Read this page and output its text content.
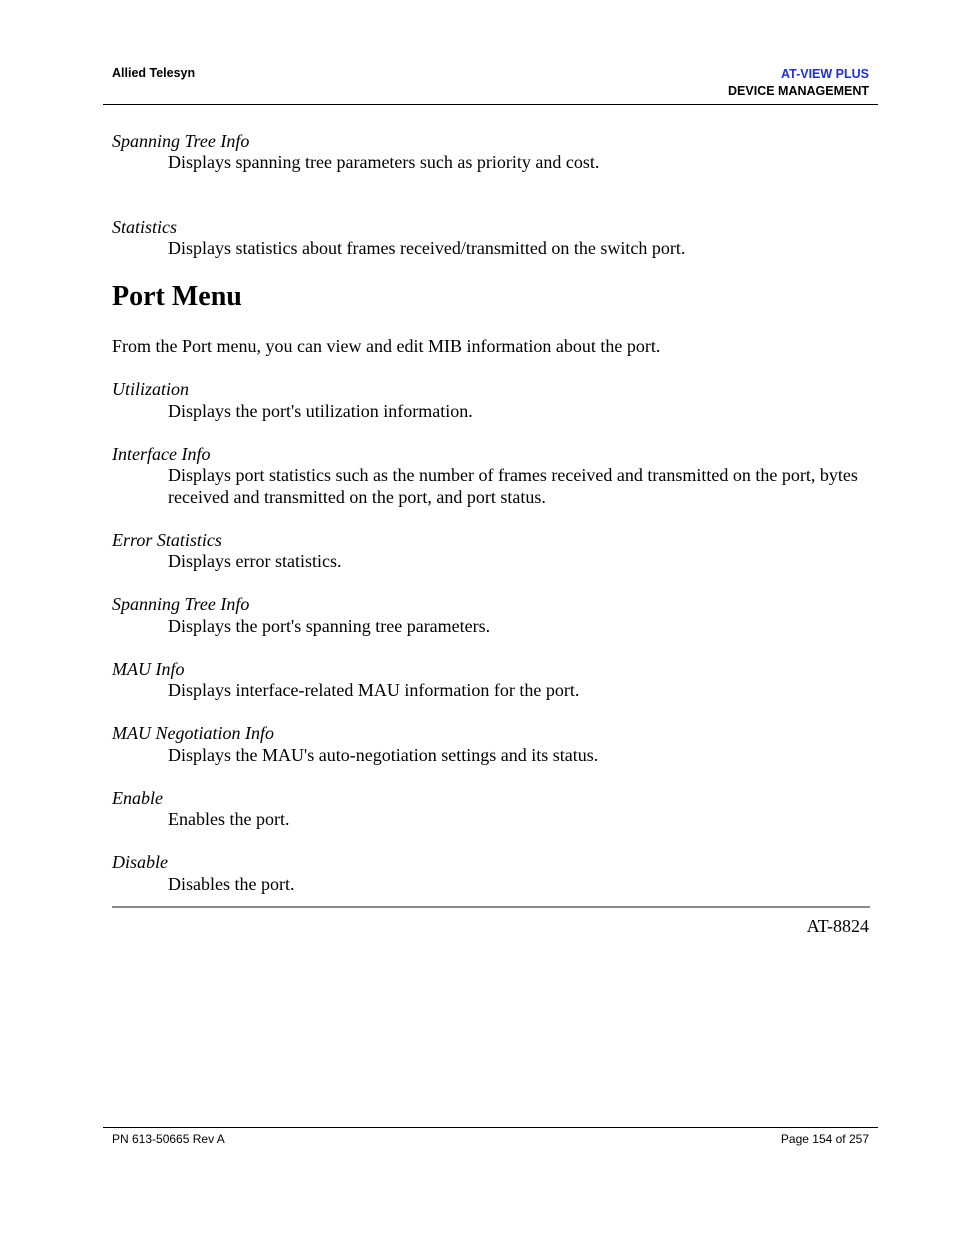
Allied Telesyn	AT-VIEW PLUS
DEVICE MANAGEMENT
Spanning Tree Info
Displays spanning tree parameters such as priority and cost.
Statistics
Displays statistics about frames received/transmitted on the switch port.
Port Menu
From the Port menu, you can view and edit MIB information about the port.
Utilization
Displays the port's utilization information.
Interface Info
Displays port statistics such as the number of frames received and transmitted on the port, bytes received and transmitted on the port, and port status.
Error Statistics
Displays error statistics.
Spanning Tree Info
Displays the port's spanning tree parameters.
MAU Info
Displays interface-related MAU information for the port.
MAU Negotiation Info
Displays the MAU's auto-negotiation settings and its status.
Enable
Enables the port.
Disable
Disables the port.
AT-8824
PN 613-50665 Rev A	Page 154 of 257
